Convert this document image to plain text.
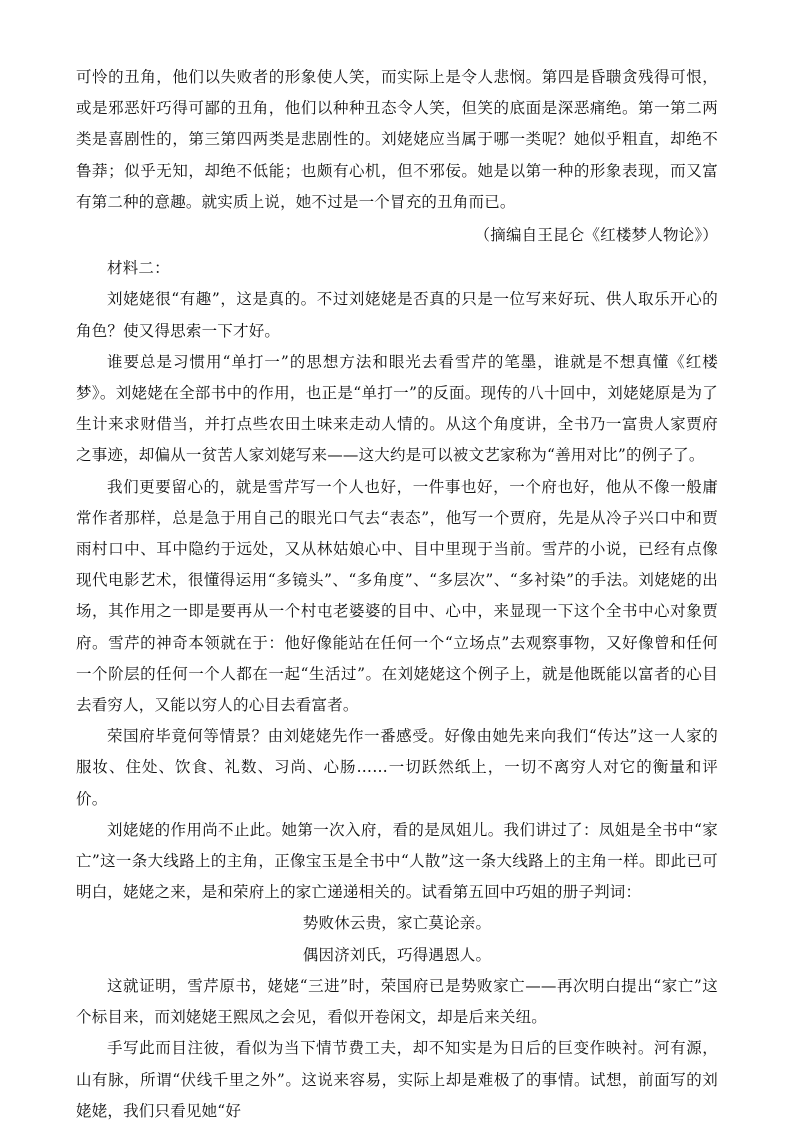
可怜的丑角，他们以失败者的形象使人笑，而实际上是令人悲悯。第四是昏聩贪残得可恨，或是邪恶奸巧得可鄙的丑角，他们以种种丑态令人笑，但笑的底面是深恶痛绝。第一第二两类是喜剧性的，第三第四两类是悲剧性的。刘姥姥应当属于哪一类呢？她似乎粗直，却绝不鲁莽；似乎无知，却绝不低能；也颇有心机，但不邪佞。她是以第一种的形象表现，而又富有第二种的意趣。就实质上说，她不过是一个冒充的丑角而已。

（摘编自王昆仑《红楼梦人物论》）

材料二：

刘姥姥很“有趣”，这是真的。不过刘姥姥是否真的只是一位写来好玩、供人取乐开心的角色？使又得思索一下才好。

谁要总是习惯用“单打一”的思想方法和眼光去看雪芹的笔墨，谁就是不想真懂《红楼梦》。刘姥姥在全部书中的作用，也正是“单打一”的反面。现传的八十回中，刘姥姥原是为了生计来求财借当，并打点些农田土味来走动人情的。从这个角度讲，全书乃一富贵人家贾府之事迹，却偏从一贫苦人家刘姥写来——这大约是可以被文艺家称为“善用对比”的例子了。

我们更要留心的，就是雪芹写一个人也好，一件事也好，一个府也好，他从不像一般庸常作者那样，总是急于用自己的眼光口气去“表态”，他写一个贾府，先是从冷子兴口中和贾雨村口中、耳中隐约于远处，又从林姑娘心中、目中里现于当前。雪芹的小说，已经有点像现代电影艺术，很懂得运用“多镜头”、“多角度”、“多层次”、“多衬染”的手法。刘姥姥的出场，其作用之一即是要再从一个村屯老婆婆的目中、心中，来显现一下这个全书中心对象贾府。雪芹的神奇本领就在于：他好像能站在任何一个“立场点”去观察事物，又好像曾和任何一个阶层的任何一个人都在一起“生活过”。在刘姥姥这个例子上，就是他既能以富者的心目去看穷人，又能以穷人的心目去看富者。

荣国府毕竟何等情景？由刘姥姥先作一番感受。好像由她先来向我们“传达”这一人家的服妆、住处、饮食、礼数、习尚、心肠……一切跃然纸上，一切不离穷人对它的衡量和评价。

刘姥姥的作用尚不止此。她第一次入府，看的是凤姐儿。我们讲过了：凤姐是全书中“家亡”这一条大线路上的主角，正像宝玉是全书中“人散”这一条大线路上的主角一样。即此已可明白，姥姥之来，是和荣府上的家亡递递相关的。试看第五回中巧姐的册子判词：

势败休云贵，家亡莫论亲。

偶因济刘氏，巧得遇恩人。

这就证明，雪芹原书，姥姥“三进”时，荣国府已是势败家亡——再次明白提出“家亡”这个标目来，而刘姥姥王熙凤之会见，看似开卷闲文，却是后来关纽。

手写此而目注彼，看似为当下情节费工夫，却不知实是为日后的巨变作映衬。河有源，山有脉，所谓“伏线千里之外”。这说来容易，实际上却是难极了的事情。试想，前面写的刘姥姥，我们只看见她“好
